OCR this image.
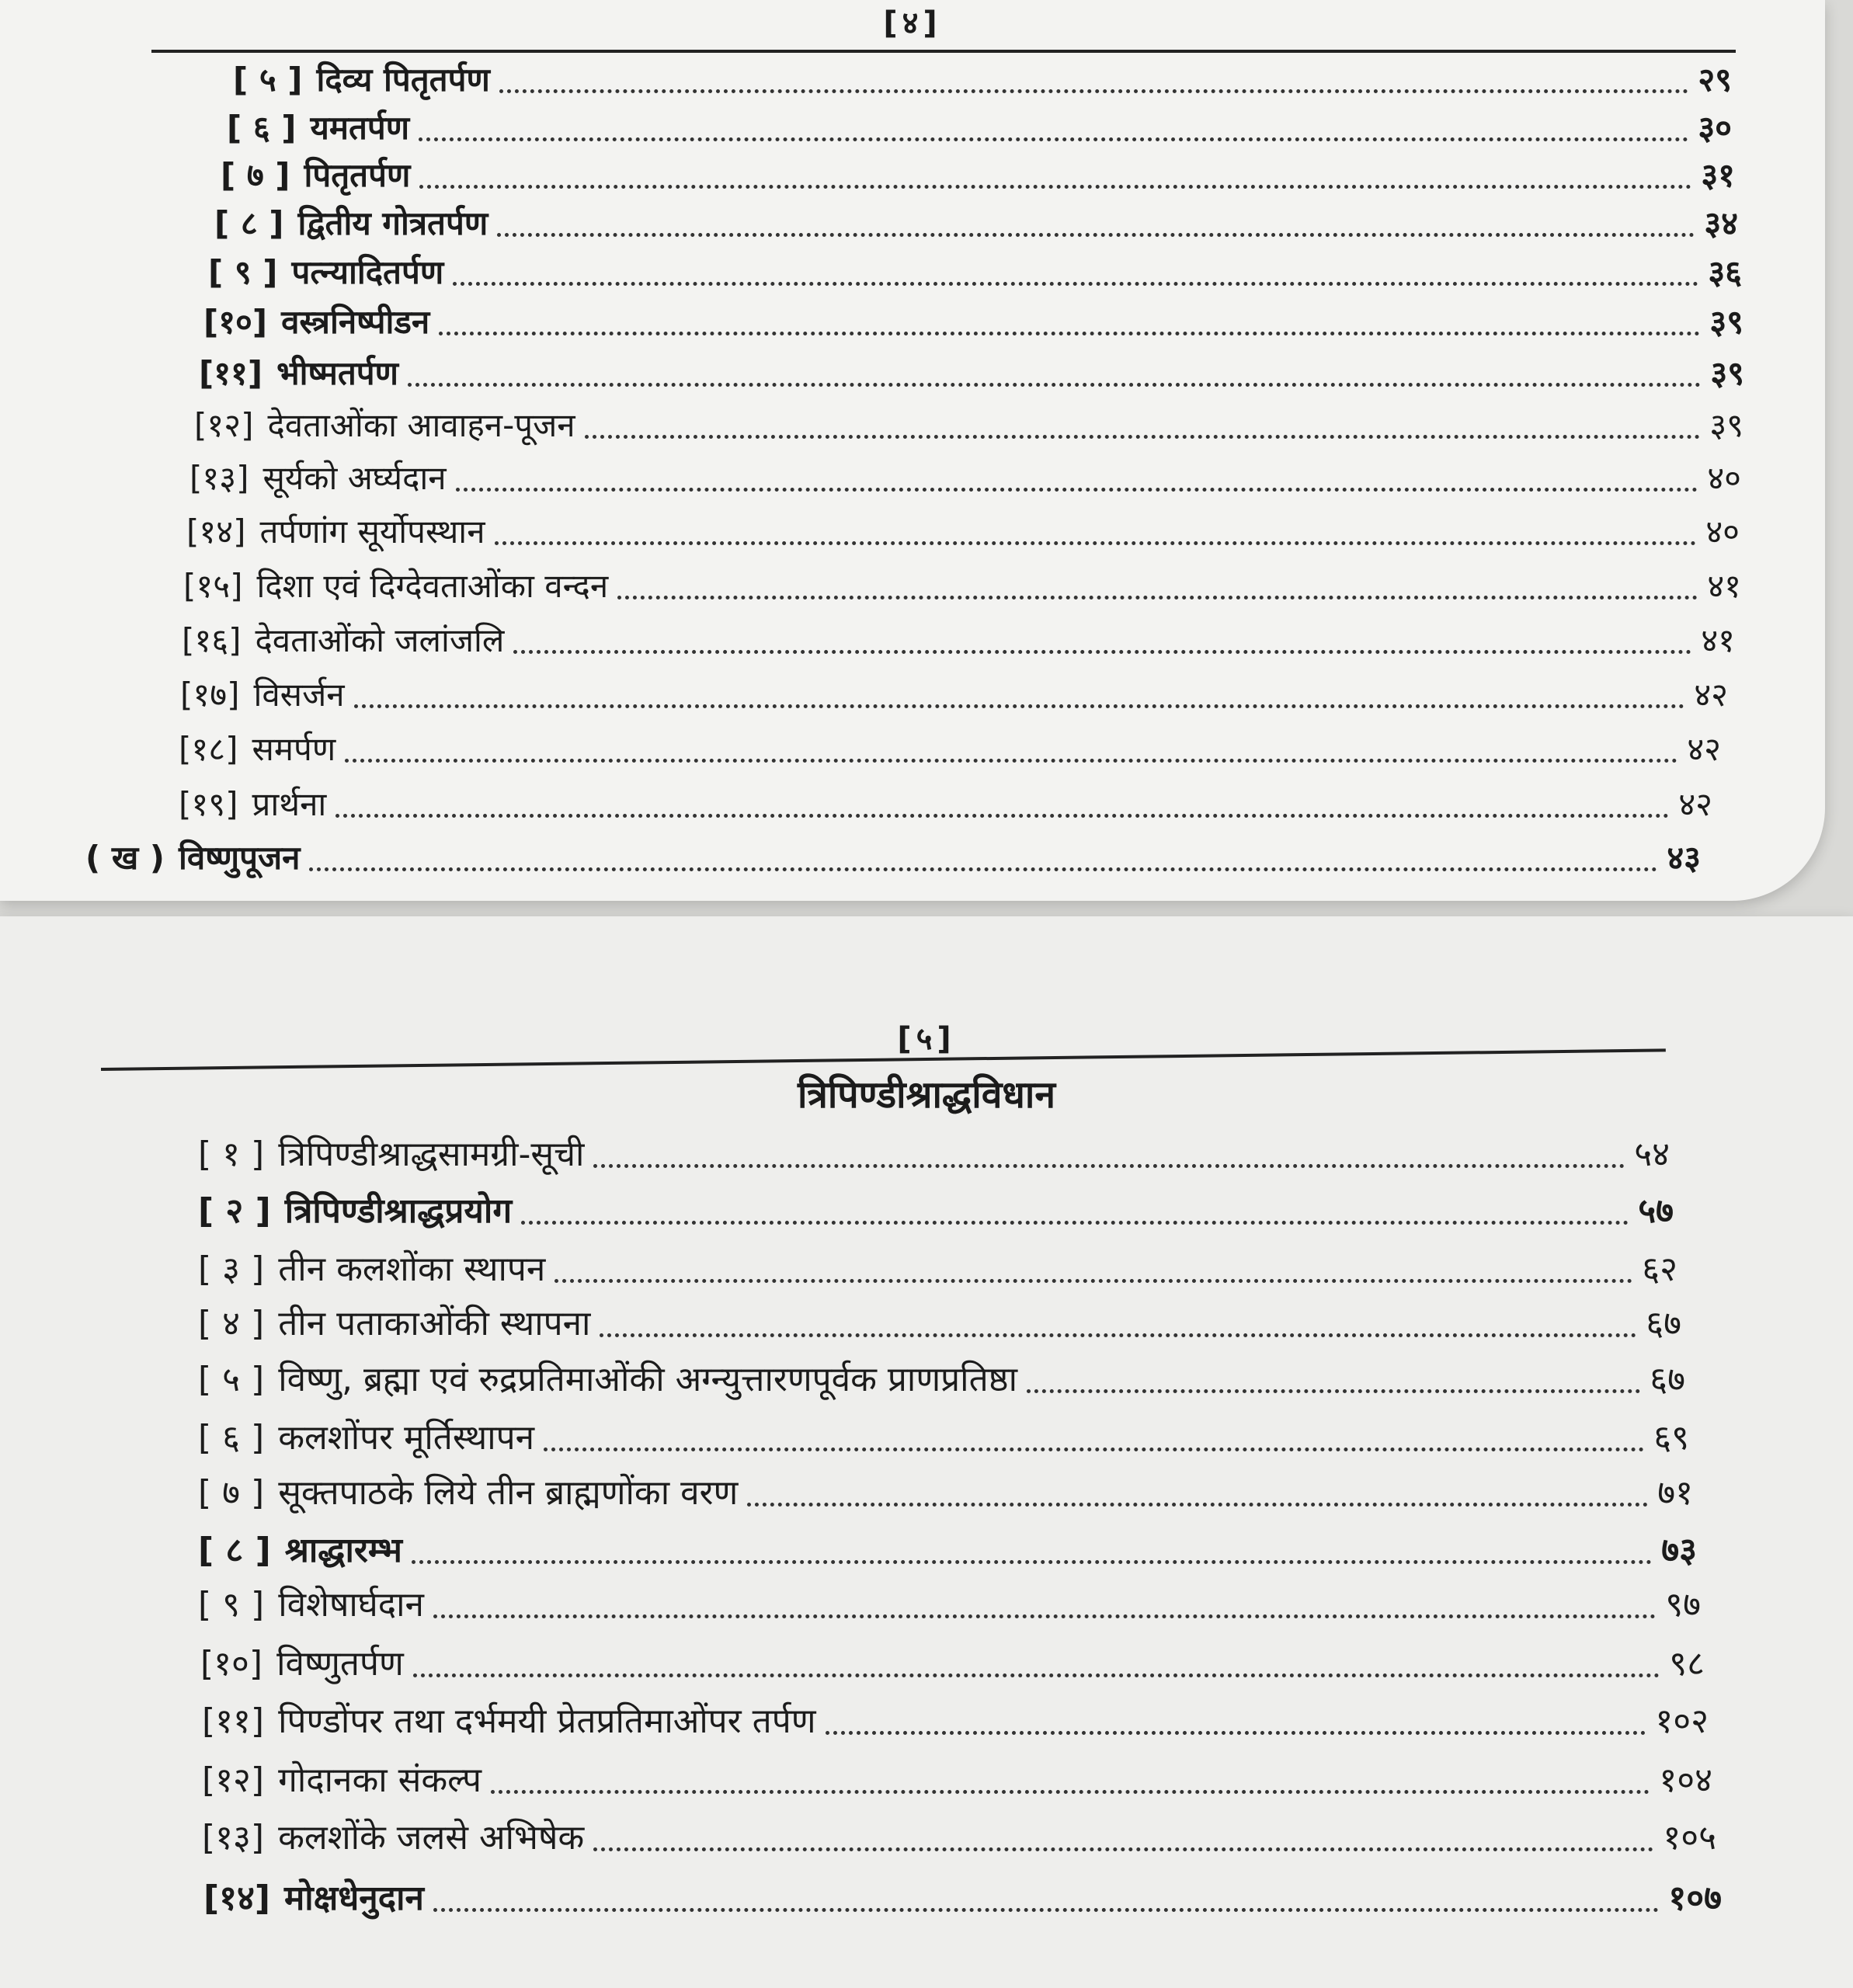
[४]
[ ५ ] दिव्य पितृतर्पण	२९
[ ६ ] यमतर्पण	३०
[ ७ ] पितृतर्पण	३१
[ ८ ] द्वितीय गोत्रतर्पण	३४
[ ९ ] पत्न्यादितर्पण	३६
[१०] वस्त्रनिष्पीडन	३९
[११] भीष्मतर्पण	३९
[१२] देवताओंका आवाहन-पूजन	३९
[१३] सूर्यको अर्घ्यदान	४०
[१४] तर्पणांग सूर्योपस्थान	४०
[१५] दिशा एवं दिग्देवताओंका वन्दन	४१
[१६] देवताओंको जलांजलि	४१
[१७] विसर्जन	४२
[१८] समर्पण	४२
[१९] प्रार्थना	४२
( ख ) विष्णुपूजन	४३
[५]
त्रिपिण्डीश्राद्धविधान
[ १ ] त्रिपिण्डीश्राद्धसामग्री-सूची	५४
[ २ ] त्रिपिण्डीश्राद्धप्रयोग	५७
[ ३ ] तीन कलशोंका स्थापन	६२
[ ४ ] तीन पताकाओंकी स्थापना	६७
[ ५ ] विष्णु, ब्रह्मा एवं रुद्रप्रतिमाओंकी अग्न्युत्तारणपूर्वक प्राणप्रतिष्ठा	६७
[ ६ ] कलशोंपर मूर्तिस्थापन	६९
[ ७ ] सूक्तपाठके लिये तीन ब्राह्मणोंका वरण	७१
[ ८ ] श्राद्धारम्भ	७३
[ ९ ] विशेषार्घदान	९७
[१०] विष्णुतर्पण	९८
[११] पिण्डोंपर तथा दर्भमयी प्रेतप्रतिमाओंपर तर्पण	१०२
[१२] गोदानका संकल्प	१०४
[१३] कलशोंके जलसे अभिषेक	१०५
[१४] मोक्षधेनुदान	१०७
